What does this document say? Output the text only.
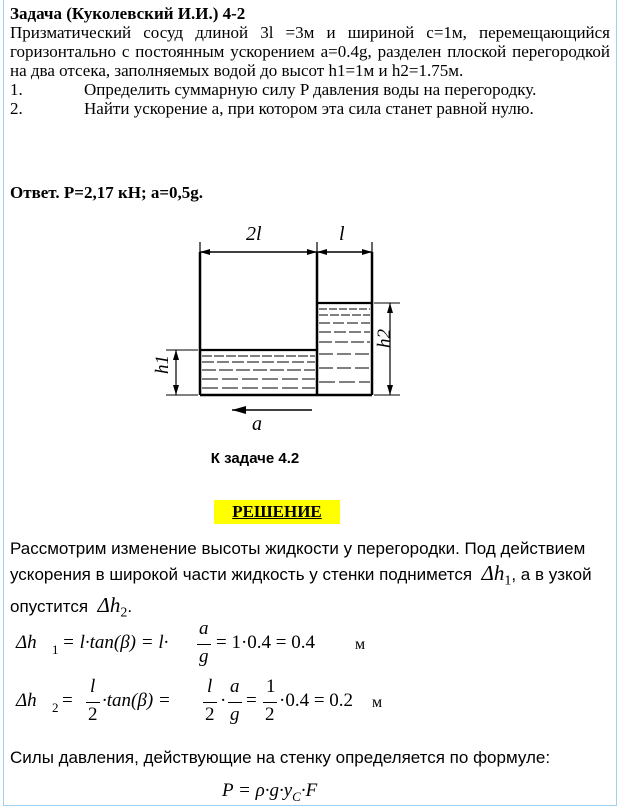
Задача (Куколевский И.И.) 4-2
Призматический сосуд длиной 3l =3м и шириной c=1м, перемещающийся горизонтально с постоянным ускорением a=0.4g, разделен плоской перегородкой на два отсека, заполняемых водой до высот h1=1м и h2=1.75м.
1.	Определить суммарную силу P давления воды на перегородку.
2.	Найти ускорение a, при котором эта сила станет равной нулю.
Ответ. P=2,17 кН; a=0,5g.
2l	l
h1
h2
a
К задаче 4.2
РЕШЕНИЕ
Рассмотрим изменение высоты жидкости у перегородки. Под действием ускорения в широкой части жидкость у стенки поднимется $\Delta h_1$, а в узкой опустится $\Delta h_2$.
Δh 1 = l·tan(β) = l·
a
g
= 1·0.4 = 0.4 м
Δh 2 =
l
2
·tan(β) =
l
2
·
a
g
=
1
2
·0.4 = 0.2 м
Силы давления, действующие на стенку определяется по формуле:
$P = \rho\cdot g\cdot y_C\cdot F$
